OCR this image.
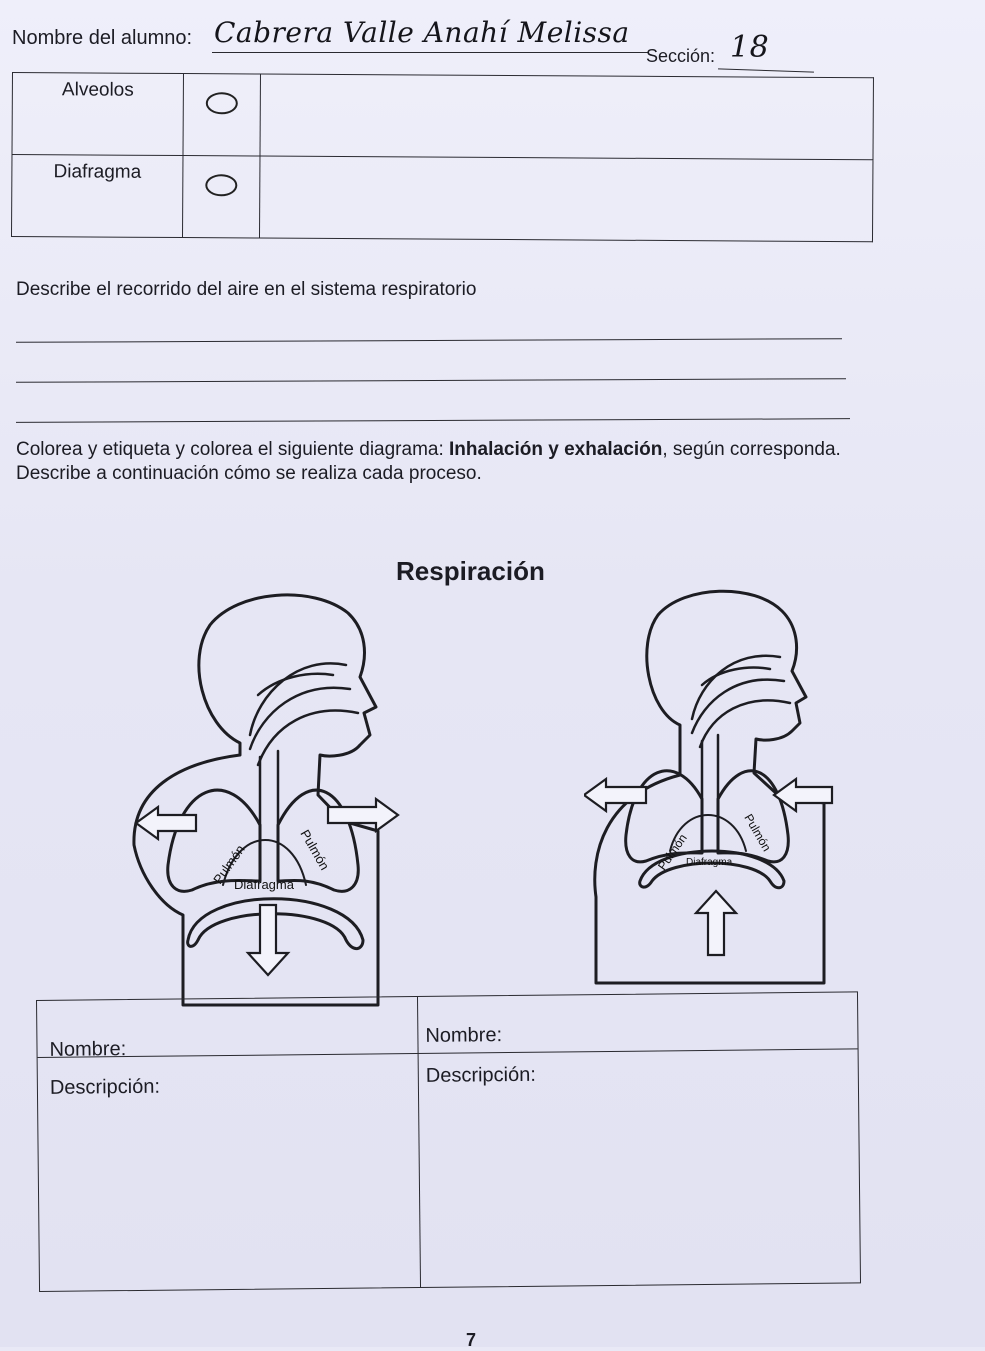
Nombre del alumno: Cabrera Valle Anahí Melissa
Sección: 18
Alveolos	

Diafragma	

Describe el recorrido del aire en el sistema respiratorio
Colorea y etiqueta y colorea el siguiente diagrama: Inhalación y exhalación, según corresponda. Describe a continuación cómo se realiza cada proceso.
Respiración
Pulmón	Pulmón
Diafragma
Pulmón	Pulmón
Diafragma
Nombre:
Descripción:
Nombre:
Descripción:
7
